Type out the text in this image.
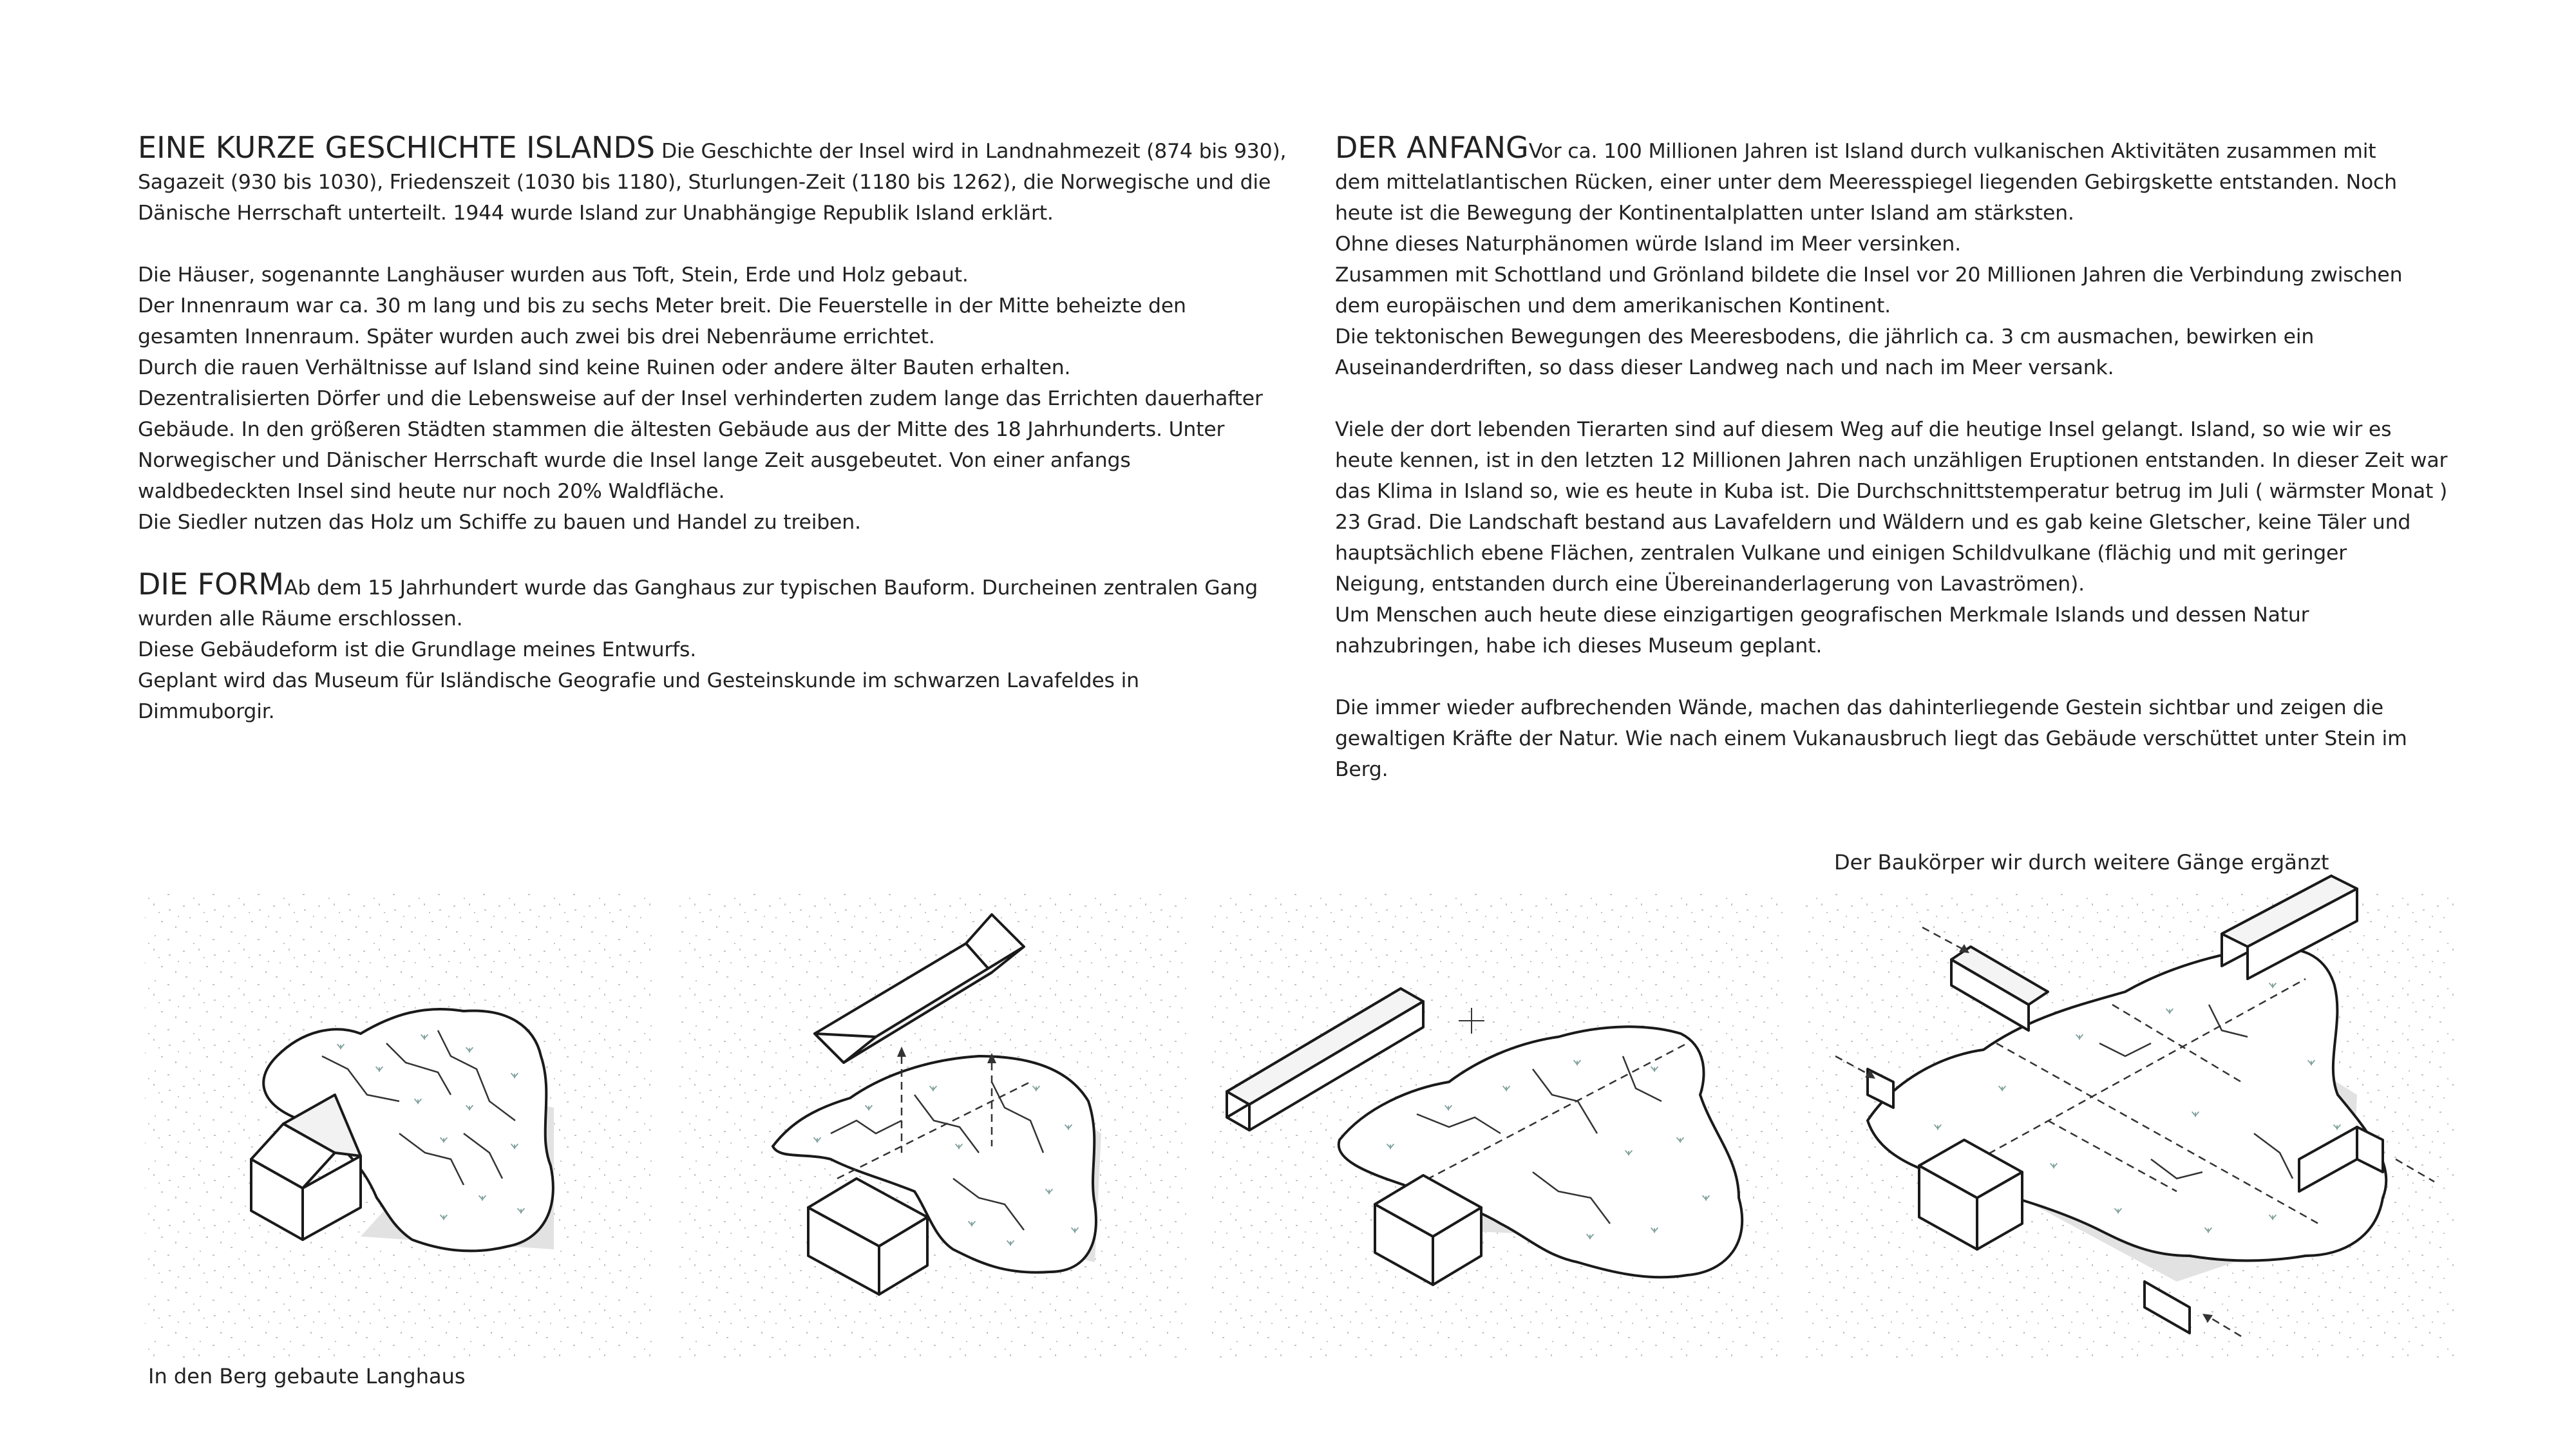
EINE KURZE GESCHICHTE ISLANDS Die Geschichte der Insel wird in Landnahmezeit (874 bis 930),
Sagazeit (930 bis 1030), Friedenszeit (1030 bis 1180), Sturlungen-Zeit (1180 bis 1262), die Norwegische und die
Dänische Herrschaft unterteilt. 1944 wurde Island zur Unabhängige Republik Island erklärt.

Die Häuser, sogenannte Langhäuser wurden aus Toft, Stein, Erde und Holz gebaut.
Der Innenraum war ca. 30 m lang und bis zu sechs Meter breit. Die Feuerstelle in der Mitte beheizte den
gesamten Innenraum. Später wurden auch zwei bis drei Nebenräume errichtet.
Durch die rauen Verhältnisse auf Island sind keine Ruinen oder andere älter Bauten erhalten.
Dezentralisierten Dörfer und die Lebensweise auf der Insel verhinderten zudem lange das Errichten dauerhafter
Gebäude. In den größeren Städten stammen die ältesten Gebäude aus der Mitte des 18 Jahrhunderts. Unter
Norwegischer und Dänischer Herrschaft wurde die Insel lange Zeit ausgebeutet. Von einer anfangs
waldbedeckten Insel sind heute nur noch 20% Waldfläche.
Die Siedler nutzen das Holz um Schiffe zu bauen und Handel zu treiben.

DIE FORMAb dem 15 Jahrhundert wurde das Ganghaus zur typischen Bauform. Durcheinen zentralen Gang
wurden alle Räume erschlossen.
Diese Gebäudeform ist die Grundlage meines Entwurfs.
Geplant wird das Museum für Isländische Geografie und Gesteinskunde im schwarzen Lavafeldes in
Dimmuborgir.

DER ANFANGVor ca. 100 Millionen Jahren ist Island durch vulkanischen Aktivitäten zusammen mit
dem mittelatlantischen Rücken, einer unter dem Meeresspiegel liegenden Gebirgskette entstanden. Noch
heute ist die Bewegung der Kontinentalplatten unter Island am stärksten.
Ohne dieses Naturphänomen würde Island im Meer versinken.
Zusammen mit Schottland und Grönland bildete die Insel vor 20 Millionen Jahren die Verbindung zwischen
dem europäischen und dem amerikanischen Kontinent.
Die tektonischen Bewegungen des Meeresbodens, die jährlich ca. 3 cm ausmachen, bewirken ein
Auseinanderdriften, so dass dieser Landweg nach und nach im Meer versank.

Viele der dort lebenden Tierarten sind auf diesem Weg auf die heutige Insel gelangt. Island, so wie wir es
heute kennen, ist in den letzten 12 Millionen Jahren nach unzähligen Eruptionen entstanden. In dieser Zeit war
das Klima in Island so, wie es heute in Kuba ist. Die Durchschnittstemperatur betrug im Juli ( wärmster Monat )
23 Grad. Die Landschaft bestand aus Lavafeldern und Wäldern und es gab keine Gletscher, keine Täler und
hauptsächlich ebene Flächen, zentralen Vulkane und einigen Schildvulkane (flächig und mit geringer
Neigung, entstanden durch eine Übereinanderlagerung von Lavaströmen).
Um Menschen auch heute diese einzigartigen geografischen Merkmale Islands und dessen Natur
nahzubringen, habe ich dieses Museum geplant.

Die immer wieder aufbrechenden Wände, machen das dahinterliegende Gestein sichtbar und zeigen die
gewaltigen Kräfte der Natur. Wie nach einem Vukanausbruch liegt das Gebäude verschüttet unter Stein im
Berg.

In den Berg gebaute Langhaus
Der Baukörper wir durch weitere Gänge ergänzt
